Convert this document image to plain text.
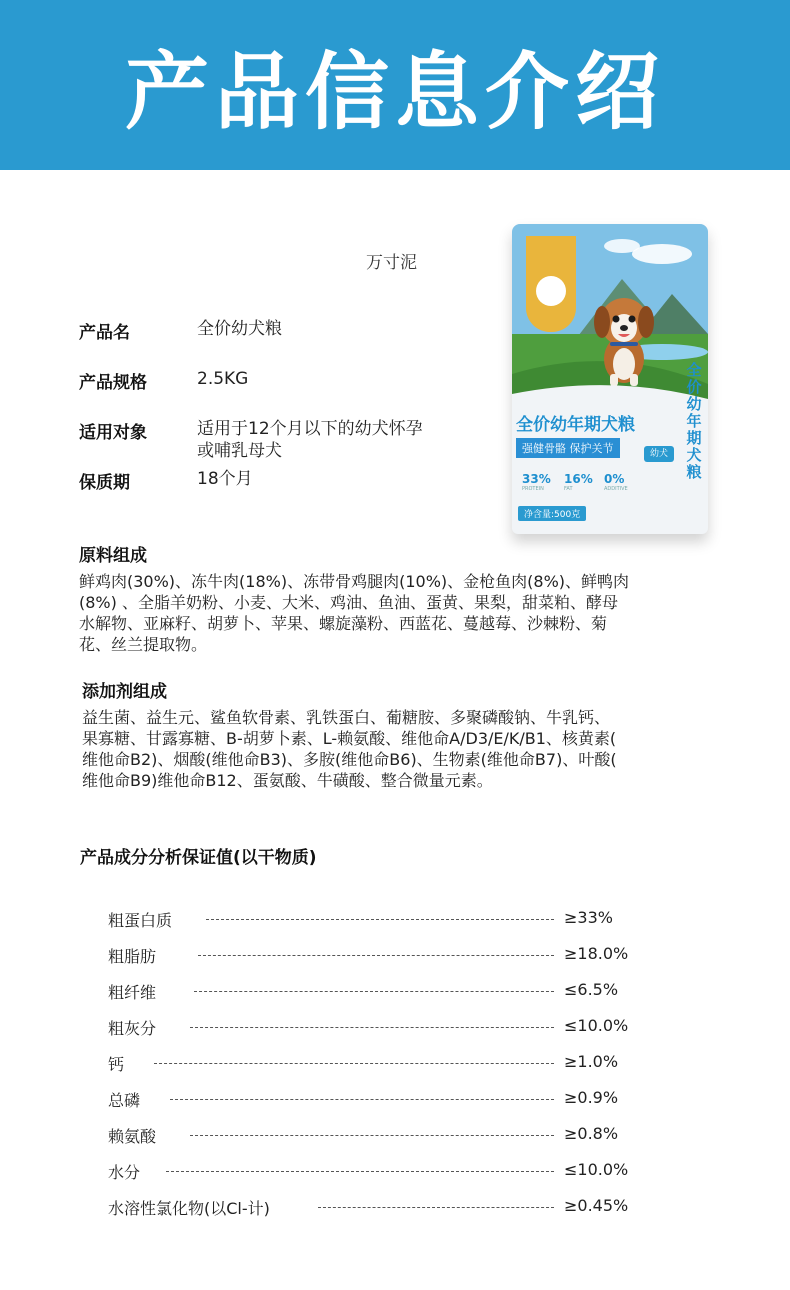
产品信息介绍
万寸泥
产品名	全价幼犬粮
产品规格	2.5KG
适用对象	适用于12个月以下的幼犬怀孕
或哺乳母犬
保质期	18个月
全价幼年期犬粮
全价幼年期犬粮
强健骨骼 保护关节	幼犬
33%
PROTEIN
16%
FAT
0%
ADDITIVE
净含量:500克
原料组成
鲜鸡肉(30%)、冻牛肉(18%)、冻带骨鸡腿肉(10%)、金枪鱼肉(8%)、鲜鸭肉
(8%) 、全脂羊奶粉、小麦、大米、鸡油、鱼油、蛋黄、果梨，甜菜粕、酵母
水解物、亚麻籽、胡萝卜、苹果、螺旋藻粉、西蓝花、蔓越莓、沙棘粉、菊
花、丝兰提取物。
添加剂组成
益生菌、益生元、鲨鱼软骨素、乳铁蛋白、葡糖胺、多聚磷酸钠、牛乳钙、
果寡糖、甘露寡糖、B-胡萝卜素、L-赖氨酸、维他命A/D3/E/K/B1、核黄素(
维他命B2)、烟酸(维他命B3)、多胺(维他命B6)、生物素(维他命B7)、叶酸(
维他命B9)维他命B12、蛋氨酸、牛磺酸、整合微量元素。
产品成分分析保证值(以干物质)
粗蛋白质	≥33%
粗脂肪	≥18.0%
粗纤维	≤6.5%
粗灰分	≤10.0%
钙	≥1.0%
总磷	≥0.9%
赖氨酸	≥0.8%
水分	≤10.0%
水溶性氯化物(以Cl-计)	≥0.45%
